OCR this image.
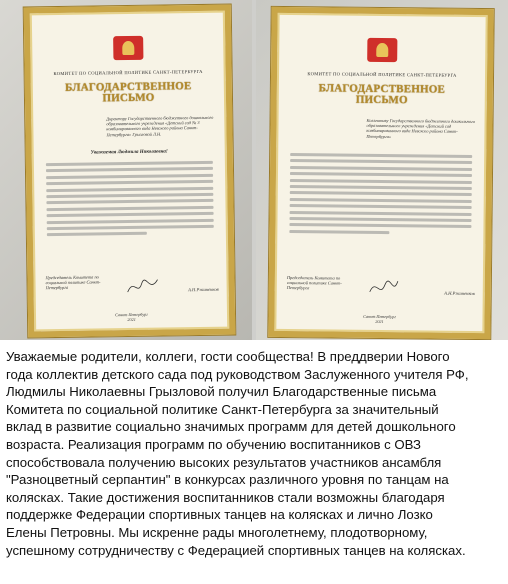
КОМИТЕТ ПО СОЦИАЛЬНОЙ ПОЛИТИКЕ САНКТ-ПЕТЕРБУРГА
БЛАГОДАРСТВЕННОЕ
ПИСЬМО
Директору Государственного бюджетного дошкольного образовательного учреждения «Детский сад № 3 комбинированного вида Невского района Санкт-Петербурга» Грызловой Л.Н.
Уважаемая Людмила Николаевна!
Председатель Комитета по социальной политике Санкт-Петербурга	А.Н.Ржаненков
Санкт-Петербург
2021
КОМИТЕТ ПО СОЦИАЛЬНОЙ ПОЛИТИКЕ САНКТ-ПЕТЕРБУРГА
БЛАГОДАРСТВЕННОЕ
ПИСЬМО
Коллективу Государственного бюджетного дошкольного образовательного учреждения «Детский сад комбинированного вида Невского района Санкт-Петербурга»
Председатель Комитета по социальной политике Санкт-Петербурга
А.Н.Ржаненков
Санкт-Петербург
2021

Уважаемые родители, коллеги, гости сообщества! В преддверии Нового
года коллектив детского сада под руководством Заслуженного учителя РФ,
Людмилы Николаевны Грызловой получил Благодарственные письма
Комитета по социальной политике Санкт-Петербурга за значительный
вклад в развитие социально значимых программ для детей дошкольного
возраста. Реализация программ по обучению воспитанников с ОВЗ
способствовала получению высоких результатов участников ансамбля
"Разноцветный серпантин" в конкурсах различного уровня по танцам на
колясках. Такие достижения воспитанников стали возможны благодаря
поддержке Федерации спортивных танцев на колясках и лично Лозко
Елены Петровны. Мы искренне рады многолетнему, плодотворному,
успешному сотрудничеству с Федерацией спортивных танцев на колясках.
